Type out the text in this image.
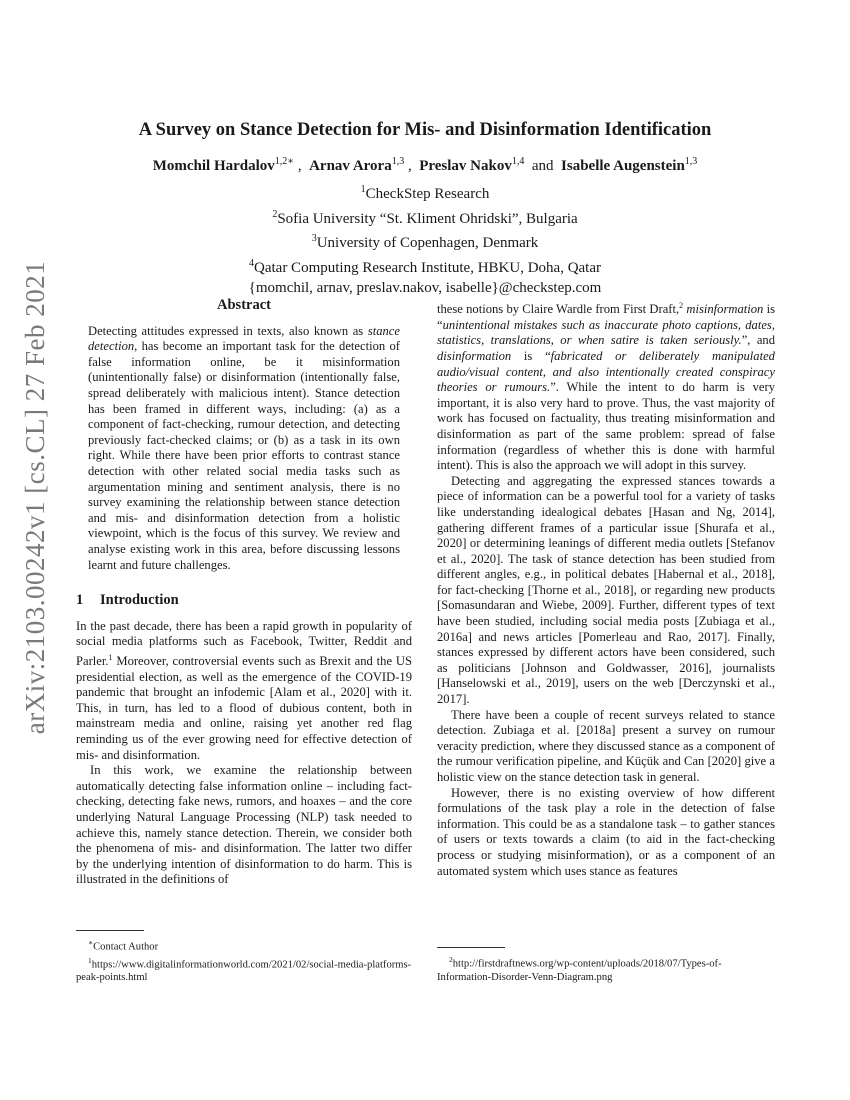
arXiv:2103.00242v1 [cs.CL] 27 Feb 2021
A Survey on Stance Detection for Mis- and Disinformation Identification
Momchil Hardalov$^{1,2∗}$ , Arnav Arora$^{1,3}$ , Preslav Nakov$^{1,4}$ and Isabelle Augenstein$^{1,3}$
$^1$CheckStep Research
$^2$Sofia University “St. Kliment Ohridski”, Bulgaria
$^3$University of Copenhagen, Denmark
$^4$Qatar Computing Research Institute, HBKU, Doha, Qatar
{momchil, arnav, preslav.nakov, isabelle}@checkstep.com
Abstract

Detecting attitudes expressed in texts, also known as stance detection, has become an important task for the detection of false information online, be it misinformation (unintentionally false) or disinformation (intentionally false, spread deliberately with malicious intent). Stance detection has been framed in different ways, including: (a) as a component of fact-checking, rumour detection, and detecting previously fact-checked claims; or (b) as a task in its own right. While there have been prior efforts to contrast stance detection with other related social media tasks such as argumentation mining and sentiment analysis, there is no survey examining the relationship between stance detection and mis- and disinformation detection from a holistic viewpoint, which is the focus of this survey. We review and analyse existing work in this area, before discussing lessons learnt and future challenges.

1 Introduction

In the past decade, there has been a rapid growth in popularity of social media platforms such as Facebook, Twitter, Reddit and Parler.$^1$ Moreover, controversial events such as Brexit and the US presidential election, as well as the emergence of the COVID-19 pandemic that brought an infodemic [Alam et al., 2020] with it. This, in turn, has led to a flood of dubious content, both in mainstream media and online, raising yet another red flag reminding us of the ever growing need for effective detection of mis- and disinformation.

In this work, we examine the relationship between automatically detecting false information online – including fact-checking, detecting fake news, rumors, and hoaxes – and the core underlying Natural Language Processing (NLP) task needed to achieve this, namely stance detection. Therein, we consider both the phenomena of mis- and disinformation. The latter two differ by the underlying intention of disinformation to do harm. This is illustrated in the definitions of

∗Contact Author
$^1$https://www.digitalinformationworld.com/2021/02/social-media-platforms-peak-points.html

these notions by Claire Wardle from First Draft,$^2$ misinformation is “unintentional mistakes such as inaccurate photo captions, dates, statistics, translations, or when satire is taken seriously.”, and disinformation is “fabricated or deliberately manipulated audio/visual content, and also intentionally created conspiracy theories or rumours.”. While the intent to do harm is very important, it is also very hard to prove. Thus, the vast majority of work has focused on factuality, thus treating misinformation and disinformation as part of the same problem: spread of false information (regardless of whether this is done with harmful intent). This is also the approach we will adopt in this survey.

Detecting and aggregating the expressed stances towards a piece of information can be a powerful tool for a variety of tasks like understanding idealogical debates [Hasan and Ng, 2014], gathering different frames of a particular issue [Shurafa et al., 2020] or determining leanings of different media outlets [Stefanov et al., 2020]. The task of stance detection has been studied from different angles, e.g., in political debates [Habernal et al., 2018], for fact-checking [Thorne et al., 2018], or regarding new products [Somasundaran and Wiebe, 2009]. Further, different types of text have been studied, including social media posts [Zubiaga et al., 2016a] and news articles [Pomerleau and Rao, 2017]. Finally, stances expressed by different actors have been considered, such as politicians [Johnson and Goldwasser, 2016], journalists [Hanselowski et al., 2019], users on the web [Derczynski et al., 2017].

There have been a couple of recent surveys related to stance detection. Zubiaga et al. [2018a] present a survey on rumour veracity prediction, where they discussed stance as a component of the rumour verification pipeline, and Küçük and Can [2020] give a holistic view on the stance detection task in general.

However, there is no existing overview of how different formulations of the task play a role in the detection of false information. This could be as a standalone task – to gather stances of users or texts towards a claim (to aid in the fact-checking process or studying misinformation), or as a component of an automated system which uses stance as features

$^2$http://firstdraftnews.org/wp-content/uploads/2018/07/Types-of-Information-Disorder-Venn-Diagram.png
